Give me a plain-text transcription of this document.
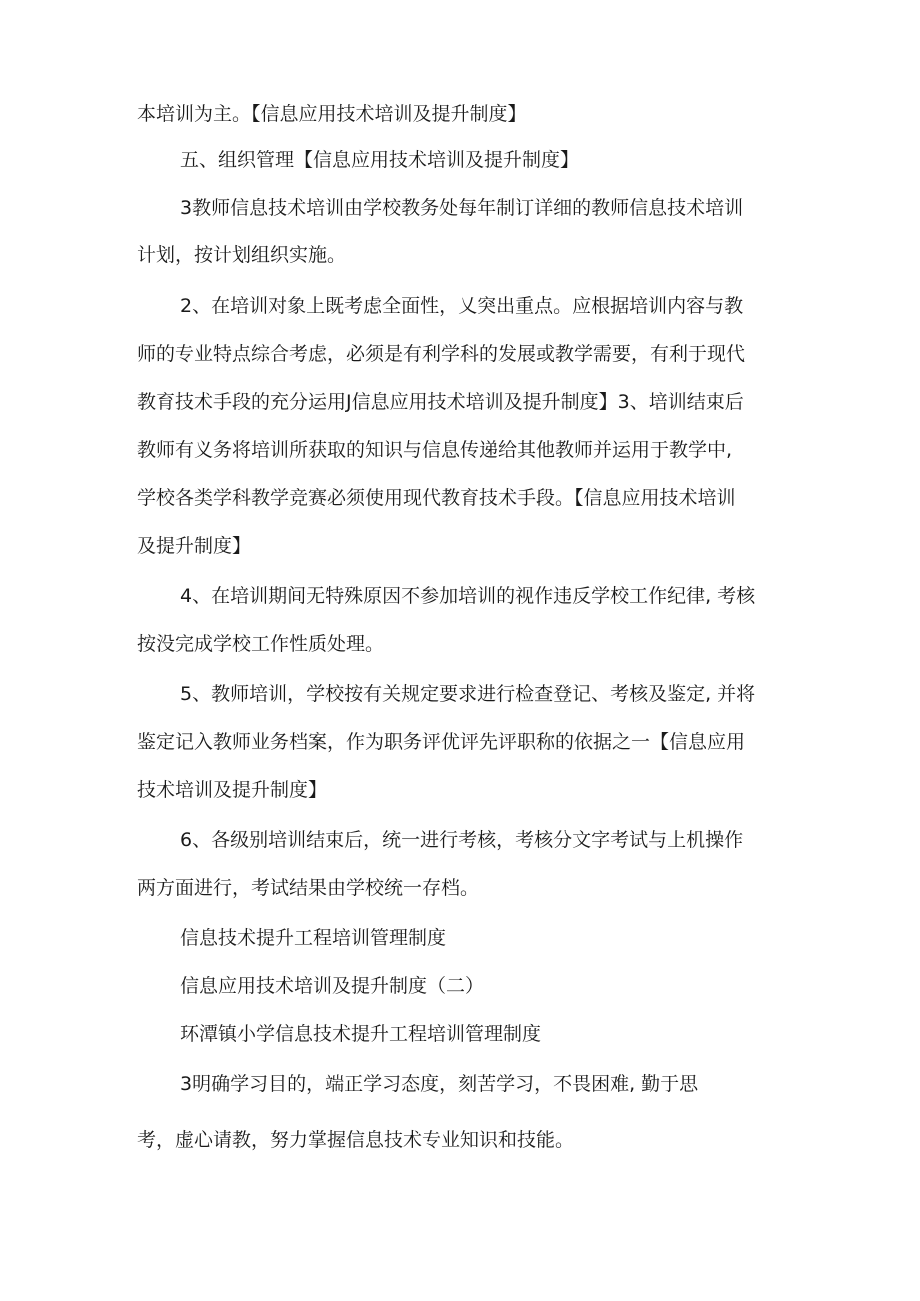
本培训为主。【信息应用技术培训及提升制度】
五、组织管理【信息应用技术培训及提升制度】
3教师信息技术培训由学校教务处每年制订详细的教师信息技术培训
计划，按计划组织实施。
2、在培训对象上既考虑全面性，乂突出重点。应根据培训内容与教
师的专业特点综合考虑，必须是有利学科的发展或教学需要，有利于现代
教育技术手段的充分运用J信息应用技术培训及提升制度】3、培训结束后
教师有义务将培训所获取的知识与信息传递给其他教师并运用于教学中,
学校各类学科教学竞赛必须使用现代教育技术手段。【信息应用技术培训
及提升制度】
4、在培训期间无特殊原因不参加培训的视作违反学校工作纪律, 考核
按没完成学校工作性质处理。
5、教师培训，学校按有关规定要求进行检查登记、考核及鉴定, 并将
鉴定记入教师业务档案，作为职务评优评先评职称的依据之一【信息应用
技术培训及提升制度】
6、各级别培训结束后，统一进行考核，考核分文字考试与上机操作
两方面进行，考试结果由学校统一存档。
信息技术提升工程培训管理制度
信息应用技术培训及提升制度（二）
环潭镇小学信息技术提升工程培训管理制度
3明确学习目的，端正学习态度，刻苦学习，不畏困难, 勤于思
考，虚心请教，努力掌握信息技术专业知识和技能。
